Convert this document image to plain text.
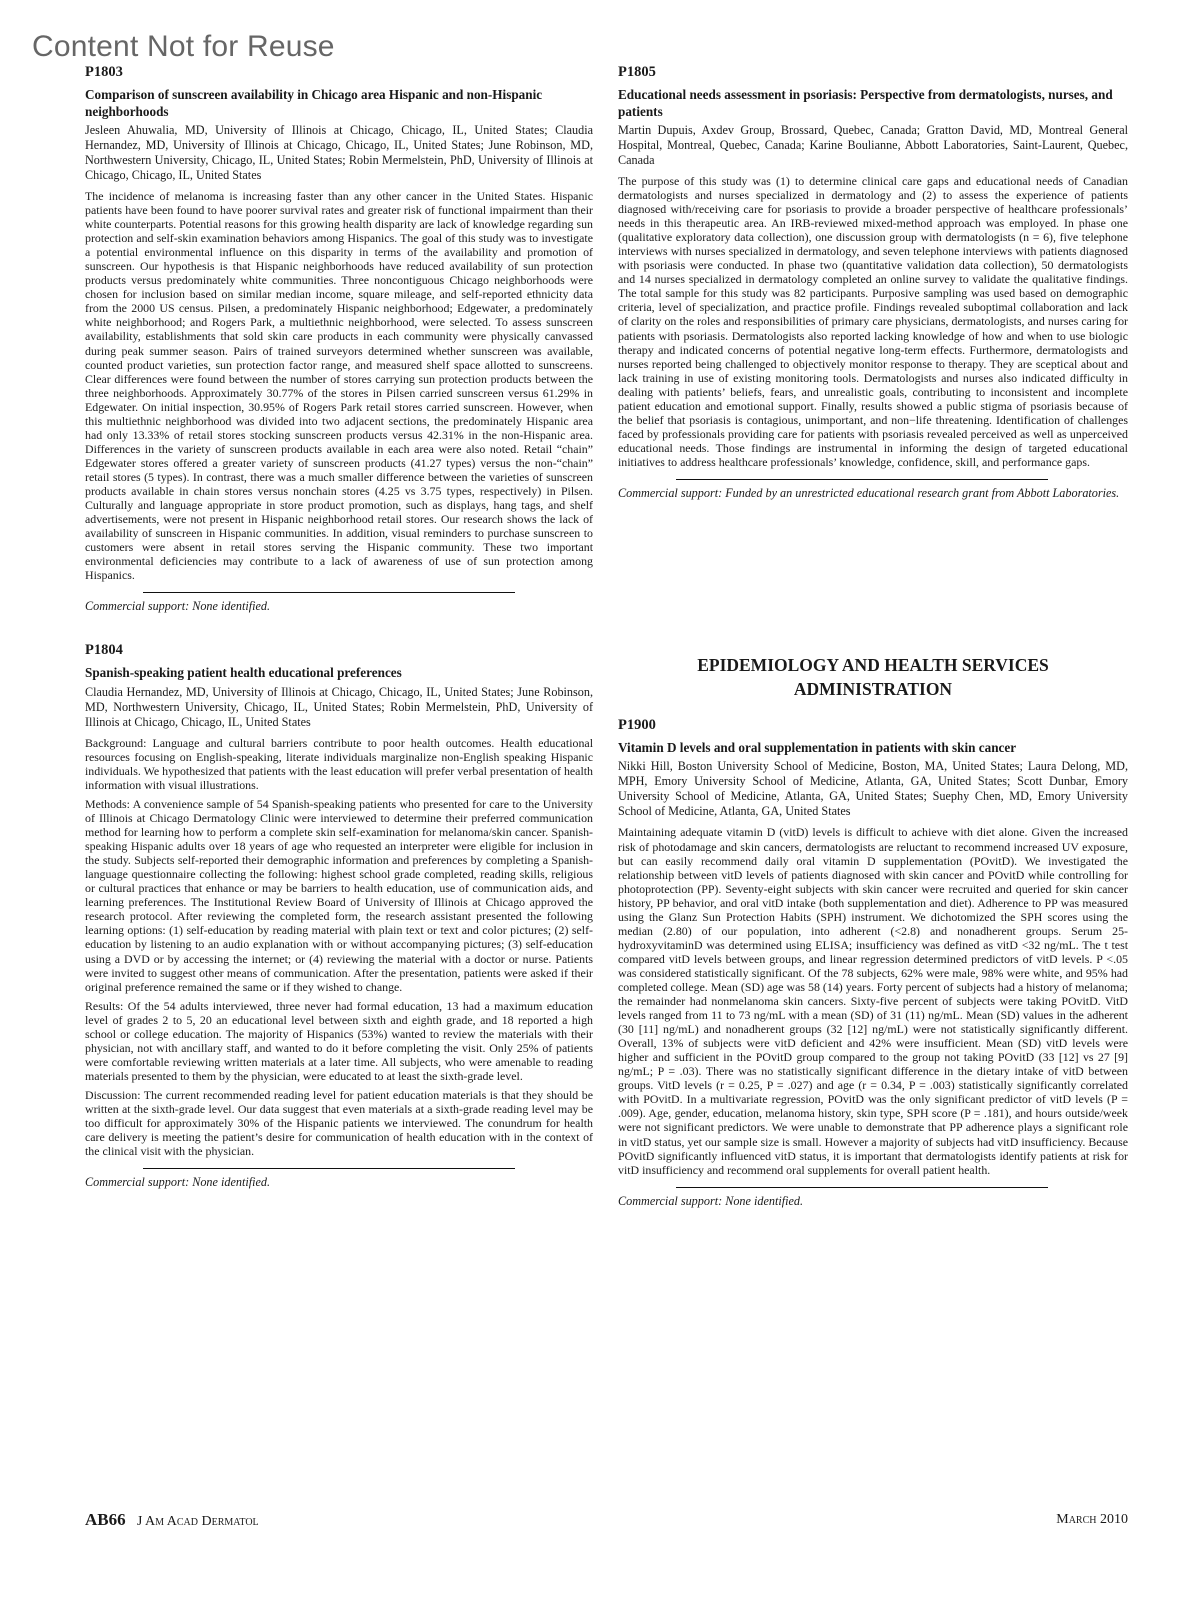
Content Not for Reuse
P1803
Comparison of sunscreen availability in Chicago area Hispanic and non-Hispanic neighborhoods
Jesleen Ahuwalia, MD, University of Illinois at Chicago, Chicago, IL, United States; Claudia Hernandez, MD, University of Illinois at Chicago, Chicago, IL, United States; June Robinson, MD, Northwestern University, Chicago, IL, United States; Robin Mermelstein, PhD, University of Illinois at Chicago, Chicago, IL, United States

The incidence of melanoma is increasing faster than any other cancer in the United States. Hispanic patients have been found to have poorer survival rates and greater risk of functional impairment than their white counterparts. Potential reasons for this growing health disparity are lack of knowledge regarding sun protection and self-skin examination behaviors among Hispanics. The goal of this study was to investigate a potential environmental influence on this disparity in terms of the availability and promotion of sunscreen. Our hypothesis is that Hispanic neighborhoods have reduced availability of sun protection products versus predominately white communities. Three noncontiguous Chicago neighborhoods were chosen for inclusion based on similar median income, square mileage, and self-reported ethnicity data from the 2000 US census. Pilsen, a predominately Hispanic neighborhood; Edgewater, a predominately white neighborhood; and Rogers Park, a multiethnic neighborhood, were selected. To assess sunscreen availability, establishments that sold skin care products in each community were physically canvassed during peak summer season. Pairs of trained surveyors determined whether sunscreen was available, counted product varieties, sun protection factor range, and measured shelf space allotted to sunscreens. Clear differences were found between the number of stores carrying sun protection products between the three neighborhoods. Approximately 30.77% of the stores in Pilsen carried sunscreen versus 61.29% in Edgewater. On initial inspection, 30.95% of Rogers Park retail stores carried sunscreen. However, when this multiethnic neighborhood was divided into two adjacent sections, the predominately Hispanic area had only 13.33% of retail stores stocking sunscreen products versus 42.31% in the non-Hispanic area. Differences in the variety of sunscreen products available in each area were also noted. Retail “chain” Edgewater stores offered a greater variety of sunscreen products (41.27 types) versus the non-“chain” retail stores (5 types). In contrast, there was a much smaller difference between the varieties of sunscreen products available in chain stores versus nonchain stores (4.25 vs 3.75 types, respectively) in Pilsen. Culturally and language appropriate in store product promotion, such as displays, hang tags, and shelf advertisements, were not present in Hispanic neighborhood retail stores. Our research shows the lack of availability of sunscreen in Hispanic communities. In addition, visual reminders to purchase sunscreen to customers were absent in retail stores serving the Hispanic community. These two important environmental deficiencies may contribute to a lack of awareness of use of sun protection among Hispanics.

Commercial support: None identified.
P1804
Spanish-speaking patient health educational preferences
Claudia Hernandez, MD, University of Illinois at Chicago, Chicago, IL, United States; June Robinson, MD, Northwestern University, Chicago, IL, United States; Robin Mermelstein, PhD, University of Illinois at Chicago, Chicago, IL, United States

Background: Language and cultural barriers contribute to poor health outcomes. Health educational resources focusing on English-speaking, literate individuals marginalize non-English speaking Hispanic individuals. We hypothesized that patients with the least education will prefer verbal presentation of health information with visual illustrations.

Methods: A convenience sample of 54 Spanish-speaking patients who presented for care to the University of Illinois at Chicago Dermatology Clinic were interviewed to determine their preferred communication method for learning how to perform a complete skin self-examination for melanoma/skin cancer. Spanish-speaking Hispanic adults over 18 years of age who requested an interpreter were eligible for inclusion in the study. Subjects self-reported their demographic information and preferences by completing a Spanish-language questionnaire collecting the following: highest school grade completed, reading skills, religious or cultural practices that enhance or may be barriers to health education, use of communication aids, and learning preferences. The Institutional Review Board of University of Illinois at Chicago approved the research protocol. After reviewing the completed form, the research assistant presented the following learning options: (1) self-education by reading material with plain text or text and color pictures; (2) self-education by listening to an audio explanation with or without accompanying pictures; (3) self-education using a DVD or by accessing the internet; or (4) reviewing the material with a doctor or nurse. Patients were invited to suggest other means of communication. After the presentation, patients were asked if their original preference remained the same or if they wished to change.

Results: Of the 54 adults interviewed, three never had formal education, 13 had a maximum education level of grades 2 to 5, 20 an educational level between sixth and eighth grade, and 18 reported a high school or college education. The majority of Hispanics (53%) wanted to review the materials with their physician, not with ancillary staff, and wanted to do it before completing the visit. Only 25% of patients were comfortable reviewing written materials at a later time. All subjects, who were amenable to reading materials presented to them by the physician, were educated to at least the sixth-grade level.

Discussion: The current recommended reading level for patient education materials is that they should be written at the sixth-grade level. Our data suggest that even materials at a sixth-grade reading level may be too difficult for approximately 30% of the Hispanic patients we interviewed. The conundrum for health care delivery is meeting the patient’s desire for communication of health education with in the context of the clinical visit with the physician.

Commercial support: None identified.
P1805
Educational needs assessment in psoriasis: Perspective from dermatologists, nurses, and patients
Martin Dupuis, Axdev Group, Brossard, Quebec, Canada; Gratton David, MD, Montreal General Hospital, Montreal, Quebec, Canada; Karine Boulianne, Abbott Laboratories, Saint-Laurent, Quebec, Canada

The purpose of this study was (1) to determine clinical care gaps and educational needs of Canadian dermatologists and nurses specialized in dermatology and (2) to assess the experience of patients diagnosed with/receiving care for psoriasis to provide a broader perspective of healthcare professionals’ needs in this therapeutic area. An IRB-reviewed mixed-method approach was employed. In phase one (qualitative exploratory data collection), one discussion group with dermatologists (n = 6), five telephone interviews with nurses specialized in dermatology, and seven telephone interviews with patients diagnosed with psoriasis were conducted. In phase two (quantitative validation data collection), 50 dermatologists and 14 nurses specialized in dermatology completed an online survey to validate the qualitative findings. The total sample for this study was 82 participants. Purposive sampling was used based on demographic criteria, level of specialization, and practice profile. Findings revealed suboptimal collaboration and lack of clarity on the roles and responsibilities of primary care physicians, dermatologists, and nurses caring for patients with psoriasis. Dermatologists also reported lacking knowledge of how and when to use biologic therapy and indicated concerns of potential negative long-term effects. Furthermore, dermatologists and nurses reported being challenged to objectively monitor response to therapy. They are sceptical about and lack training in use of existing monitoring tools. Dermatologists and nurses also indicated difficulty in dealing with patients’ beliefs, fears, and unrealistic goals, contributing to inconsistent and incomplete patient education and emotional support. Finally, results showed a public stigma of psoriasis because of the belief that psoriasis is contagious, unimportant, and non−life threatening. Identification of challenges faced by professionals providing care for patients with psoriasis revealed perceived as well as unperceived educational needs. Those findings are instrumental in informing the design of targeted educational initiatives to address healthcare professionals’ knowledge, confidence, skill, and performance gaps.

Commercial support: Funded by an unrestricted educational research grant from Abbott Laboratories.
EPIDEMIOLOGY AND HEALTH SERVICES
ADMINISTRATION
P1900
Vitamin D levels and oral supplementation in patients with skin cancer
Nikki Hill, Boston University School of Medicine, Boston, MA, United States; Laura Delong, MD, MPH, Emory University School of Medicine, Atlanta, GA, United States; Scott Dunbar, Emory University School of Medicine, Atlanta, GA, United States; Suephy Chen, MD, Emory University School of Medicine, Atlanta, GA, United States

Maintaining adequate vitamin D (vitD) levels is difficult to achieve with diet alone. Given the increased risk of photodamage and skin cancers, dermatologists are reluctant to recommend increased UV exposure, but can easily recommend daily oral vitamin D supplementation (POvitD). We investigated the relationship between vitD levels of patients diagnosed with skin cancer and POvitD while controlling for photoprotection (PP). Seventy-eight subjects with skin cancer were recruited and queried for skin cancer history, PP behavior, and oral vitD intake (both supplementation and diet). Adherence to PP was measured using the Glanz Sun Protection Habits (SPH) instrument. We dichotomized the SPH scores using the median (2.80) of our population, into adherent (<2.8) and nonadherent groups. Serum 25-hydroxyvitaminD was determined using ELISA; insufficiency was defined as vitD <32 ng/mL. The t test compared vitD levels between groups, and linear regression determined predictors of vitD levels. P <.05 was considered statistically significant. Of the 78 subjects, 62% were male, 98% were white, and 95% had completed college. Mean (SD) age was 58 (14) years. Forty percent of subjects had a history of melanoma; the remainder had nonmelanoma skin cancers. Sixty-five percent of subjects were taking POvitD. VitD levels ranged from 11 to 73 ng/mL with a mean (SD) of 31 (11) ng/mL. Mean (SD) values in the adherent (30 [11] ng/mL) and nonadherent groups (32 [12] ng/mL) were not statistically significantly different. Overall, 13% of subjects were vitD deficient and 42% were insufficient. Mean (SD) vitD levels were higher and sufficient in the POvitD group compared to the group not taking POvitD (33 [12] vs 27 [9] ng/mL; P = .03). There was no statistically significant difference in the dietary intake of vitD between groups. VitD levels (r = 0.25, P = .027) and age (r = 0.34, P = .003) statistically significantly correlated with POvitD. In a multivariate regression, POvitD was the only significant predictor of vitD levels (P = .009). Age, gender, education, melanoma history, skin type, SPH score (P = .181), and hours outside/week were not significant predictors. We were unable to demonstrate that PP adherence plays a significant role in vitD status, yet our sample size is small. However a majority of subjects had vitD insufficiency. Because POvitD significantly influenced vitD status, it is important that dermatologists identify patients at risk for vitD insufficiency and recommend oral supplements for overall patient health.

Commercial support: None identified.
AB66 J Am Acad Dermatol	March 2010
